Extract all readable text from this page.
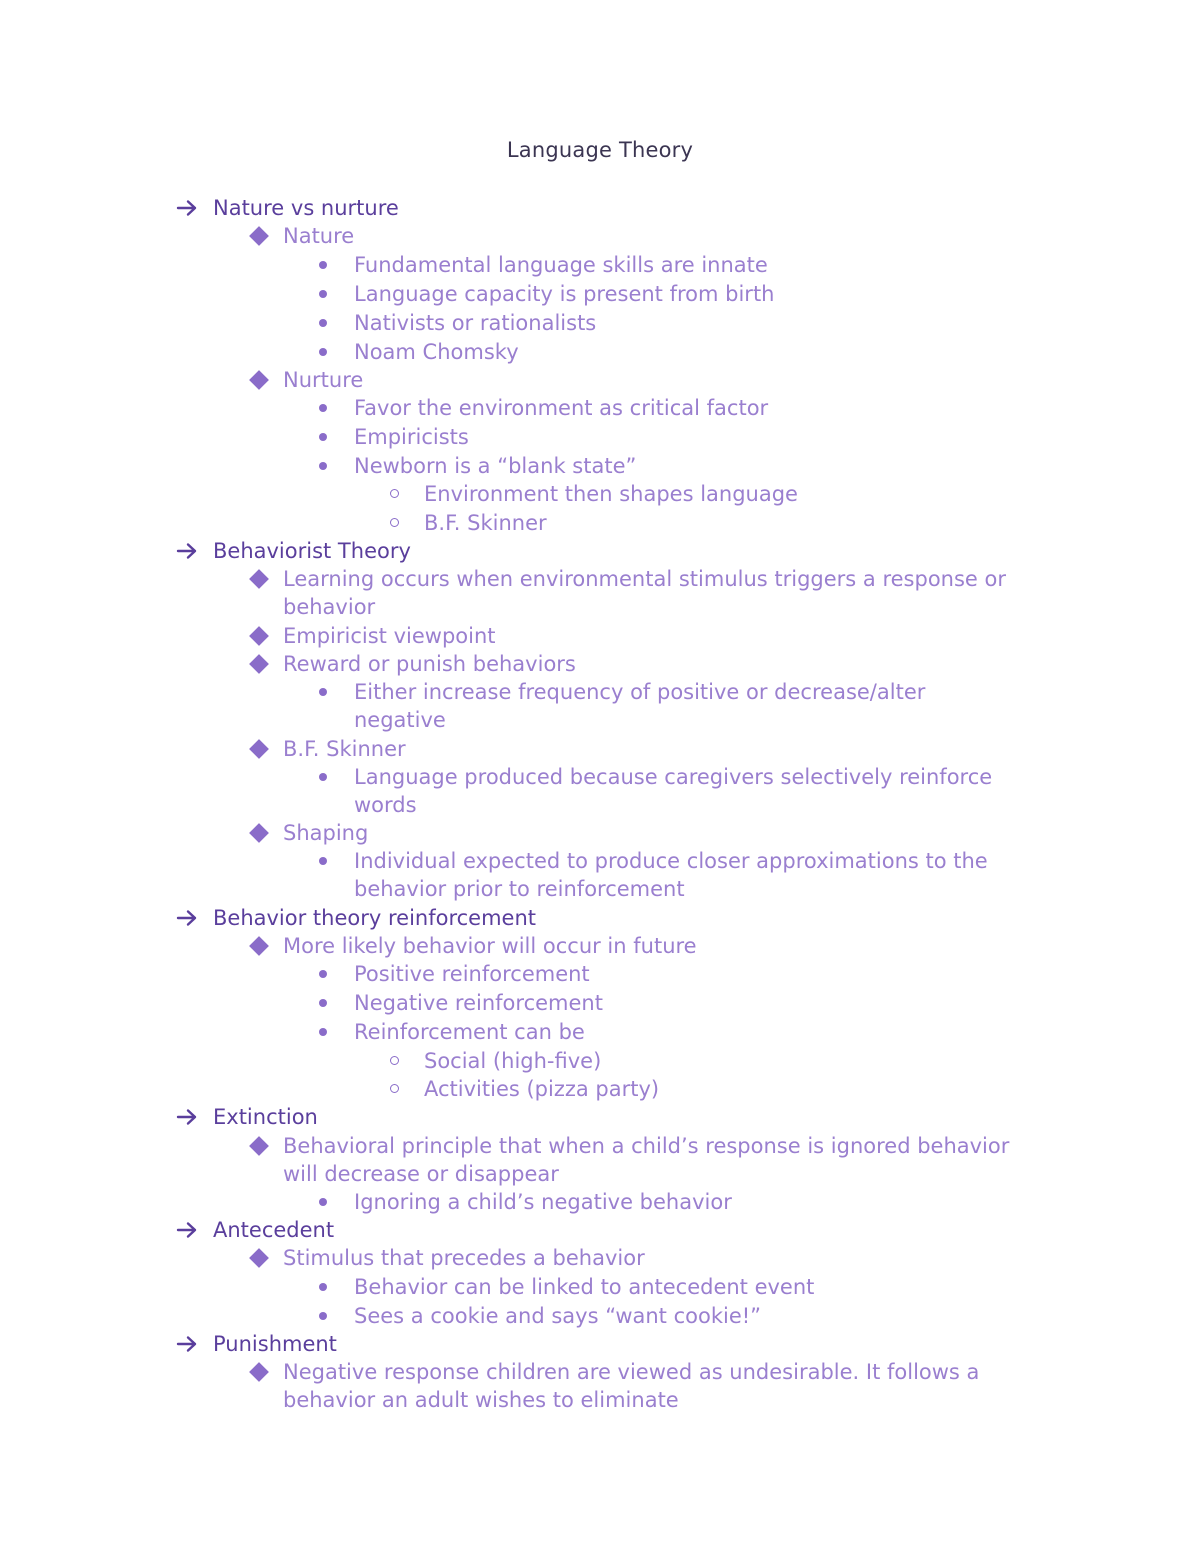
Language Theory
Nature vs nurture
Nature
Fundamental language skills are innate
Language capacity is present from birth
Nativists or rationalists
Noam Chomsky
Nurture
Favor the environment as critical factor
Empiricists
Newborn is a “blank state”
Environment then shapes language
B.F. Skinner
Behaviorist Theory
Learning occurs when environmental stimulus triggers a response or
behavior
Empiricist viewpoint
Reward or punish behaviors
Either increase frequency of positive or decrease/alter
negative
B.F. Skinner
Language produced because caregivers selectively reinforce
words
Shaping
Individual expected to produce closer approximations to the
behavior prior to reinforcement
Behavior theory reinforcement
More likely behavior will occur in future
Positive reinforcement
Negative reinforcement
Reinforcement can be
Social (high-five)
Activities (pizza party)
Extinction
Behavioral principle that when a child’s response is ignored behavior
will decrease or disappear
Ignoring a child’s negative behavior
Antecedent
Stimulus that precedes a behavior
Behavior can be linked to antecedent event
Sees a cookie and says “want cookie!”
Punishment
Negative response children are viewed as undesirable. It follows a
behavior an adult wishes to eliminate
